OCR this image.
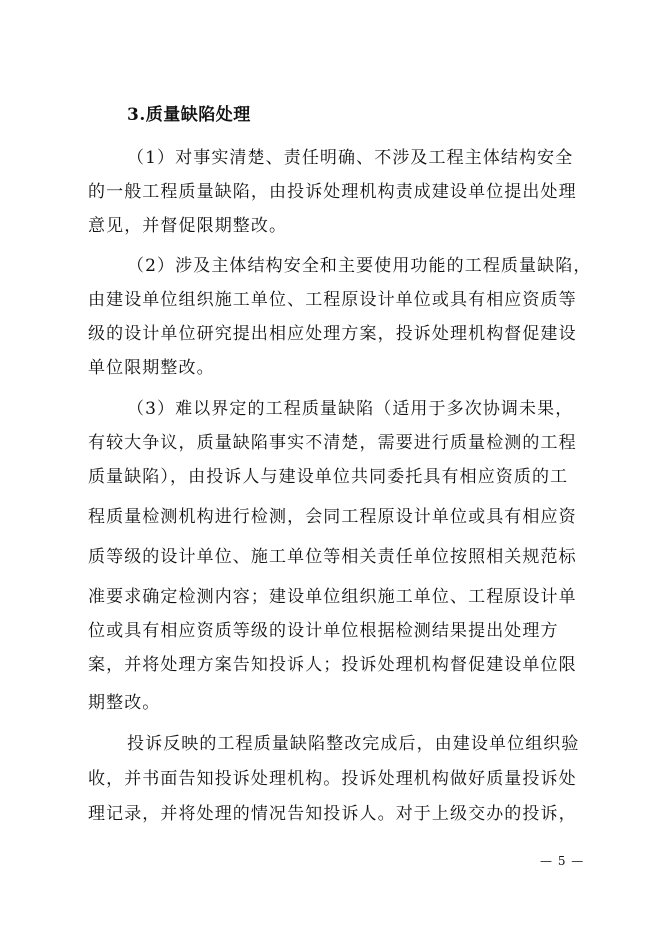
3.质量缺陷处理
（1）对事实清楚、责任明确、不涉及工程主体结构安全
的一般工程质量缺陷，由投诉处理机构责成建设单位提出处理
意见，并督促限期整改。
（2）涉及主体结构安全和主要使用功能的工程质量缺陷，
由建设单位组织施工单位、工程原设计单位或具有相应资质等
级的设计单位研究提出相应处理方案，投诉处理机构督促建设
单位限期整改。
（3）难以界定的工程质量缺陷（适用于多次协调未果，
有较大争议，质量缺陷事实不清楚，需要进行质量检测的工程
质量缺陷），由投诉人与建设单位共同委托具有相应资质的工
程质量检测机构进行检测，会同工程原设计单位或具有相应资
质等级的设计单位、施工单位等相关责任单位按照相关规范标
准要求确定检测内容；建设单位组织施工单位、工程原设计单
位或具有相应资质等级的设计单位根据检测结果提出处理方
案，并将处理方案告知投诉人；投诉处理机构督促建设单位限
期整改。
投诉反映的工程质量缺陷整改完成后，由建设单位组织验
收，并书面告知投诉处理机构。投诉处理机构做好质量投诉处
理记录，并将处理的情况告知投诉人。对于上级交办的投诉，
— 5 —
